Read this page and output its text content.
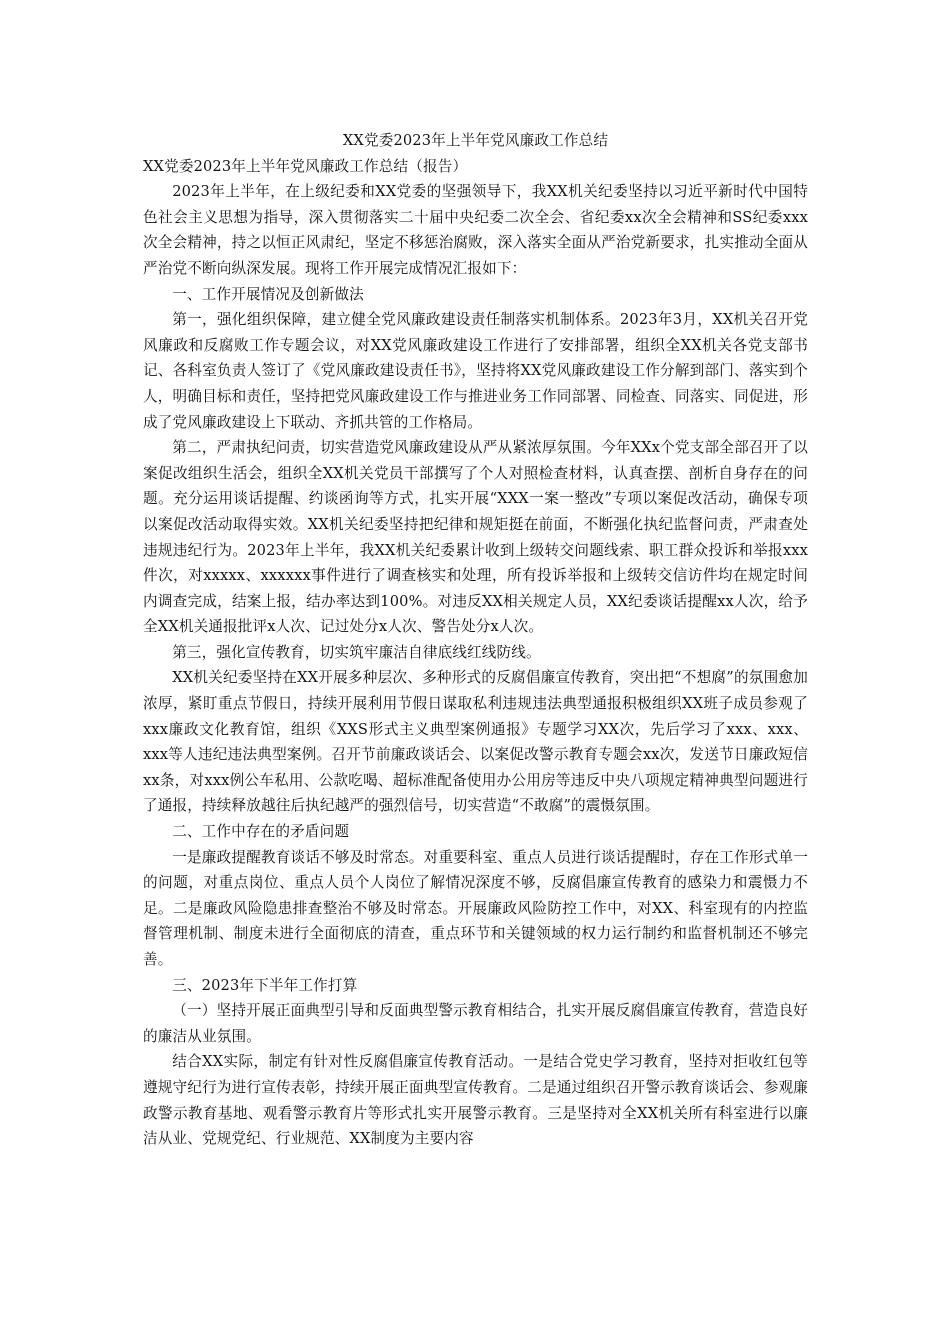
XX党委2023年上半年党风廉政工作总结

XX党委2023年上半年党风廉政工作总结（报告）

2023年上半年，在上级纪委和XX党委的坚强领导下，我XX机关纪委坚持以习近平新时代中国特色社会主义思想为指导，深入贯彻落实二十届中央纪委二次全会、省纪委xx次全会精神和SS纪委xxx次全会精神，持之以恒正风肃纪，坚定不移惩治腐败，深入落实全面从严治党新要求，扎实推动全面从严治党不断向纵深发展。现将工作开展完成情况汇报如下：

一、工作开展情况及创新做法

第一，强化组织保障，建立健全党风廉政建设责任制落实机制体系。2023年3月，XX机关召开党风廉政和反腐败工作专题会议，对XX党风廉政建设工作进行了安排部署，组织全XX机关各党支部书记、各科室负责人签订了《党风廉政建设责任书》，坚持将XX党风廉政建设工作分解到部门、落实到个人，明确目标和责任，坚持把党风廉政建设工作与推进业务工作同部署、同检查、同落实、同促进，形成了党风廉政建设上下联动、齐抓共管的工作格局。

第二，严肃执纪问责，切实营造党风廉政建设从严从紧浓厚氛围。今年XXx个党支部全部召开了以案促改组织生活会，组织全XX机关党员干部撰写了个人对照检查材料，认真查摆、剖析自身存在的问题。充分运用谈话提醒、约谈函询等方式，扎实开展“XXX一案一整改”专项以案促改活动，确保专项以案促改活动取得实效。XX机关纪委坚持把纪律和规矩挺在前面，不断强化执纪监督问责，严肃查处违规违纪行为。2023年上半年，我XX机关纪委累计收到上级转交问题线索、职工群众投诉和举报xxx件次，对xxxxx、xxxxxx事件进行了调查核实和处理，所有投诉举报和上级转交信访件均在规定时间内调查完成，结案上报，结办率达到100%。对违反XX相关规定人员，XX纪委谈话提醒xx人次，给予全XX机关通报批评x人次、记过处分x人次、警告处分x人次。

第三，强化宣传教育，切实筑牢廉洁自律底线红线防线。

XX机关纪委坚持在XX开展多种层次、多种形式的反腐倡廉宣传教育，突出把“不想腐”的氛围愈加浓厚，紧盯重点节假日，持续开展利用节假日谋取私利违规违法典型通报积极组织XX班子成员参观了xxx廉政文化教育馆，组织《XXS形式主义典型案例通报》专题学习XX次，先后学习了xxx、xxx、xxx等人违纪违法典型案例。召开节前廉政谈话会、以案促改警示教育专题会xx次，发送节日廉政短信xx条，对xxx例公车私用、公款吃喝、超标准配备使用办公用房等违反中央八项规定精神典型问题进行了通报，持续释放越往后执纪越严的强烈信号，切实营造“不敢腐”的震慑氛围。

二、工作中存在的矛盾问题

一是廉政提醒教育谈话不够及时常态。对重要科室、重点人员进行谈话提醒时，存在工作形式单一的问题，对重点岗位、重点人员个人岗位了解情况深度不够，反腐倡廉宣传教育的感染力和震慑力不足。二是廉政风险隐患排查整治不够及时常态。开展廉政风险防控工作中，对XX、科室现有的内控监督管理机制、制度未进行全面彻底的清查，重点环节和关键领域的权力运行制约和监督机制还不够完善。

三、2023年下半年工作打算

（一）坚持开展正面典型引导和反面典型警示教育相结合，扎实开展反腐倡廉宣传教育，营造良好的廉洁从业氛围。

结合XX实际，制定有针对性反腐倡廉宣传教育活动。一是结合党史学习教育，坚持对拒收红包等遵规守纪行为进行宣传表彰，持续开展正面典型宣传教育。二是通过组织召开警示教育谈话会、参观廉政警示教育基地、观看警示教育片等形式扎实开展警示教育。三是坚持对全XX机关所有科室进行以廉洁从业、党规党纪、行业规范、XX制度为主要内容
